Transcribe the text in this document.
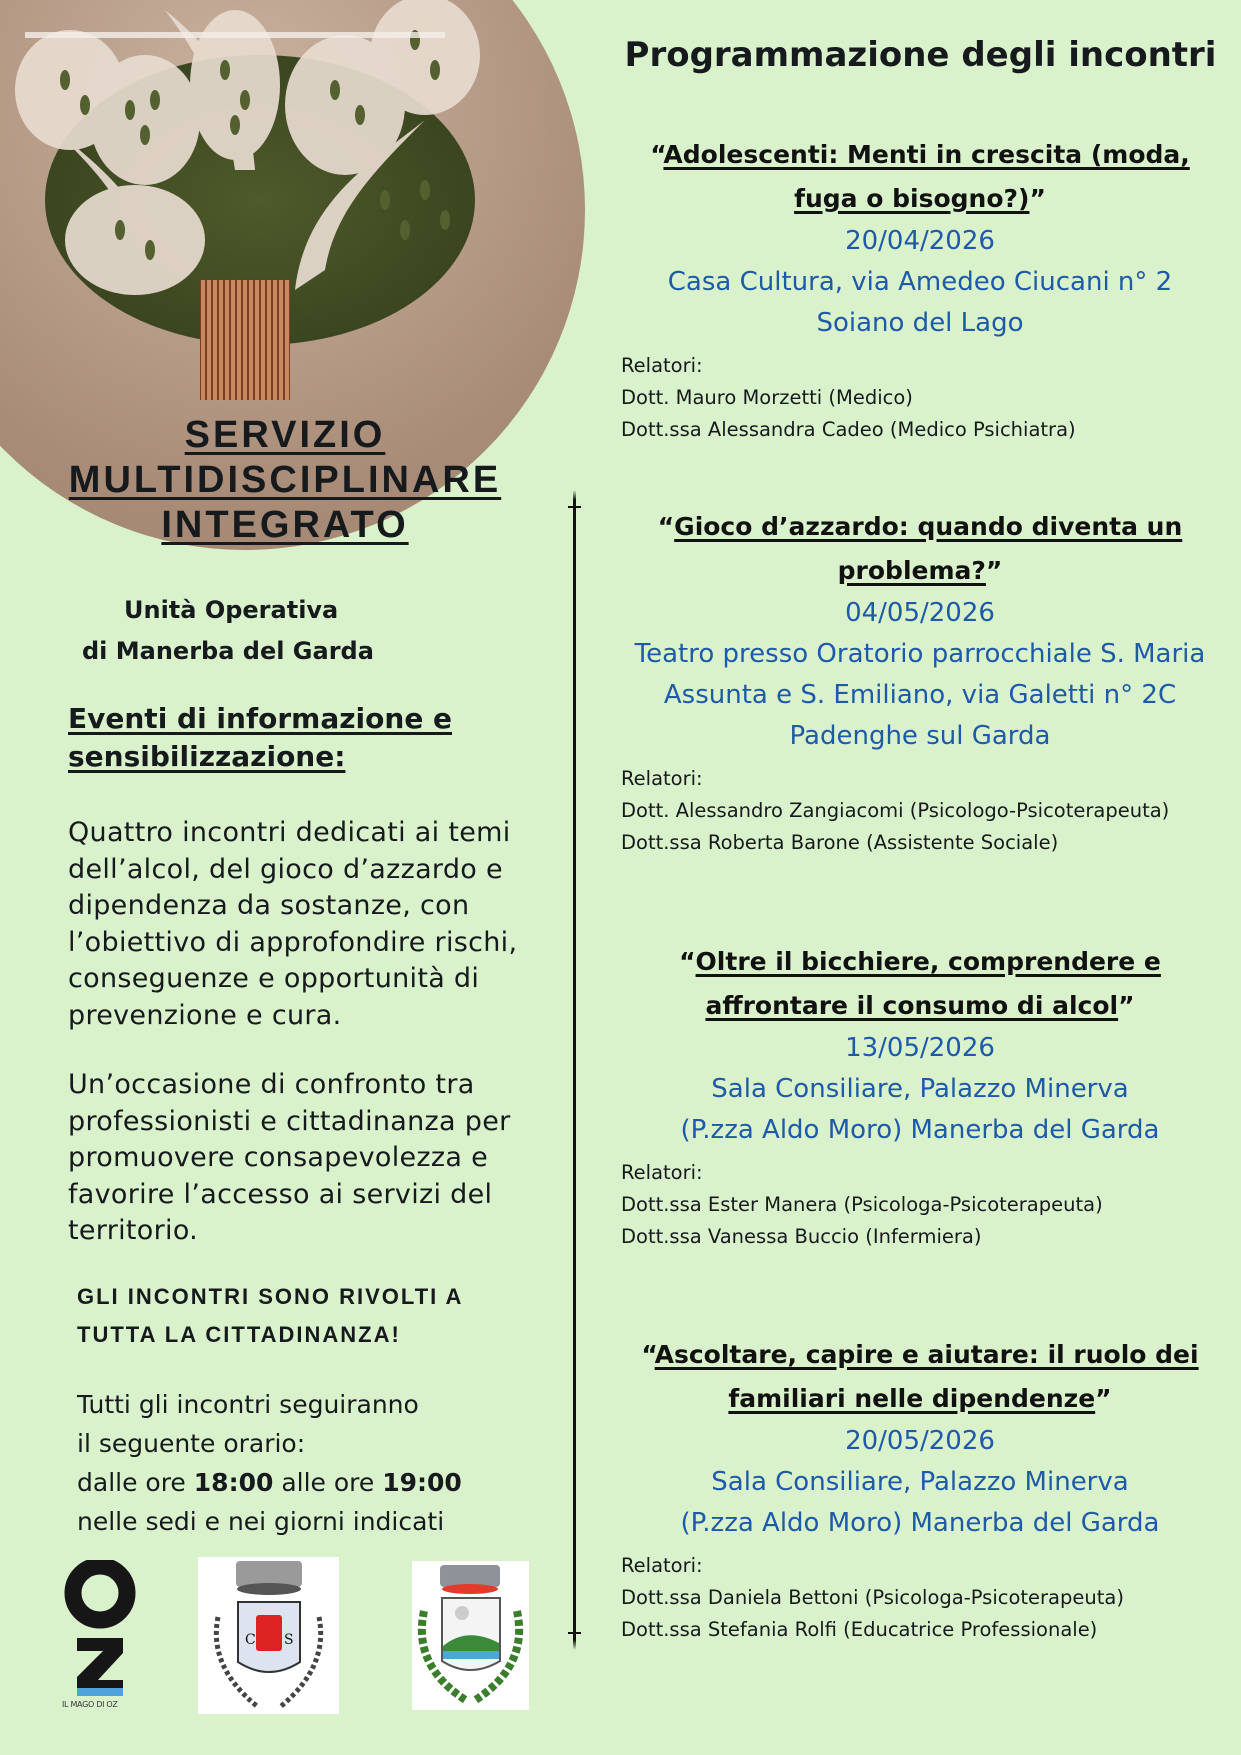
SERVIZIO
MULTIDISCIPLINARE
INTEGRATO
Unità Operativa
di Manerba del Garda
Eventi di informazione e
sensibilizzazione:

Quattro incontri dedicati ai temi dell’alcol, del gioco d’azzardo e dipendenza da sostanze, con l’obiettivo di approfondire rischi, conseguenze e opportunità di prevenzione e cura.

Un’occasione di confronto tra professionisti e cittadinanza per promuovere consapevolezza e favorire l’accesso ai servizi del territorio.

GLI INCONTRI SONO RIVOLTI A
TUTTA LA CITTADINANZA!
Tutti gli incontri seguiranno
il seguente orario:
dalle ore 18:00 alle ore 19:00
nelle sedi e nei giorni indicati
IL MAGO DI OZ
C S
Programmazione degli incontri
“Adolescenti: Menti in crescita (moda,
fuga o bisogno?)”
20/04/2026
Casa Cultura, via Amedeo Ciucani n° 2
Soiano del Lago
Relatori:
Dott. Mauro Morzetti (Medico)
Dott.ssa Alessandra Cadeo (Medico Psichiatra)
“Gioco d’azzardo: quando diventa un
problema?”
04/05/2026
Teatro presso Oratorio parrocchiale S. Maria
Assunta e S. Emiliano, via Galetti n° 2C
Padenghe sul Garda
Relatori:
Dott. Alessandro Zangiacomi (Psicologo-Psicoterapeuta)
Dott.ssa Roberta Barone (Assistente Sociale)
“Oltre il bicchiere, comprendere e
affrontare il consumo di alcol”
13/05/2026
Sala Consiliare, Palazzo Minerva
(P.zza Aldo Moro) Manerba del Garda
Relatori:
Dott.ssa Ester Manera (Psicologa-Psicoterapeuta)
Dott.ssa Vanessa Buccio (Infermiera)
“Ascoltare, capire e aiutare: il ruolo dei
familiari nelle dipendenze”
20/05/2026
Sala Consiliare, Palazzo Minerva
(P.zza Aldo Moro) Manerba del Garda
Relatori:
Dott.ssa Daniela Bettoni (Psicologa-Psicoterapeuta)
Dott.ssa Stefania Rolfi (Educatrice Professionale)
